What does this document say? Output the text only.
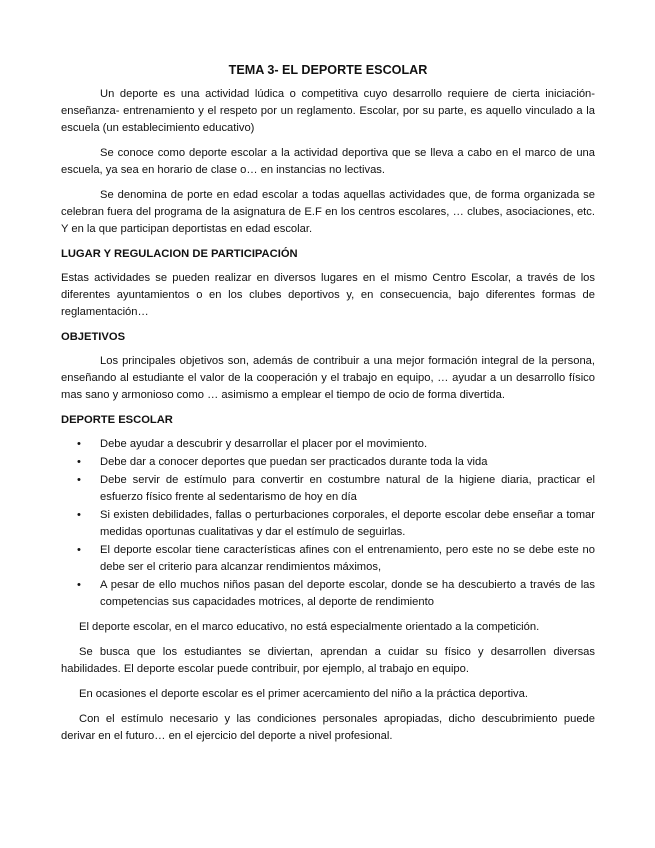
TEMA 3- EL DEPORTE ESCOLAR

Un deporte es una actividad lúdica o competitiva cuyo desarrollo requiere de cierta iniciación-enseñanza- entrenamiento y el respeto por un reglamento. Escolar, por su parte, es aquello vinculado a la escuela (un establecimiento educativo)

Se conoce como deporte escolar a la actividad deportiva que se lleva a cabo en el marco de una escuela, ya sea en horario de clase o… en instancias no lectivas.

Se denomina de porte en edad escolar a todas aquellas actividades que, de forma organizada se celebran fuera del programa de la asignatura de E.F en los centros escolares, … clubes, asociaciones, etc. Y en la que participan deportistas en edad escolar.

LUGAR Y REGULACION DE PARTICIPACIÓN

Estas actividades se pueden realizar en diversos lugares en el mismo Centro Escolar, a través de los diferentes ayuntamientos o en los clubes deportivos y, en consecuencia, bajo diferentes formas de reglamentación…

OBJETIVOS

Los principales objetivos son, además de contribuir a una mejor formación integral de la persona, enseñando al estudiante el valor de la cooperación y el trabajo en equipo, … ayudar a un desarrollo físico mas sano y armonioso como … asimismo a emplear el tiempo de ocio de forma divertida.

DEPORTE ESCOLAR
• Debe ayudar a descubrir y desarrollar el placer por el movimiento.
• Debe dar a conocer deportes que puedan ser practicados durante toda la vida
• Debe servir de estímulo para convertir en costumbre natural de la higiene diaria, practicar el esfuerzo físico frente al sedentarismo de hoy en día
• Si existen debilidades, fallas o perturbaciones corporales, el deporte escolar debe enseñar a tomar medidas oportunas cualitativas y dar el estímulo de seguirlas.
• El deporte escolar tiene características afines con el entrenamiento, pero este no se debe este no debe ser el criterio para alcanzar rendimientos máximos,
• A pesar de ello muchos niños pasan del deporte escolar, donde se ha descubierto a través de las competencias sus capacidades motrices, al deporte de rendimiento

El deporte escolar, en el marco educativo, no está especialmente orientado a la competición.

Se busca que los estudiantes se diviertan, aprendan a cuidar su físico y desarrollen diversas habilidades. El deporte escolar puede contribuir, por ejemplo, al trabajo en equipo.

En ocasiones el deporte escolar es el primer acercamiento del niño a la práctica deportiva.

Con el estímulo necesario y las condiciones personales apropiadas, dicho descubrimiento puede derivar en el futuro… en el ejercicio del deporte a nivel profesional.
